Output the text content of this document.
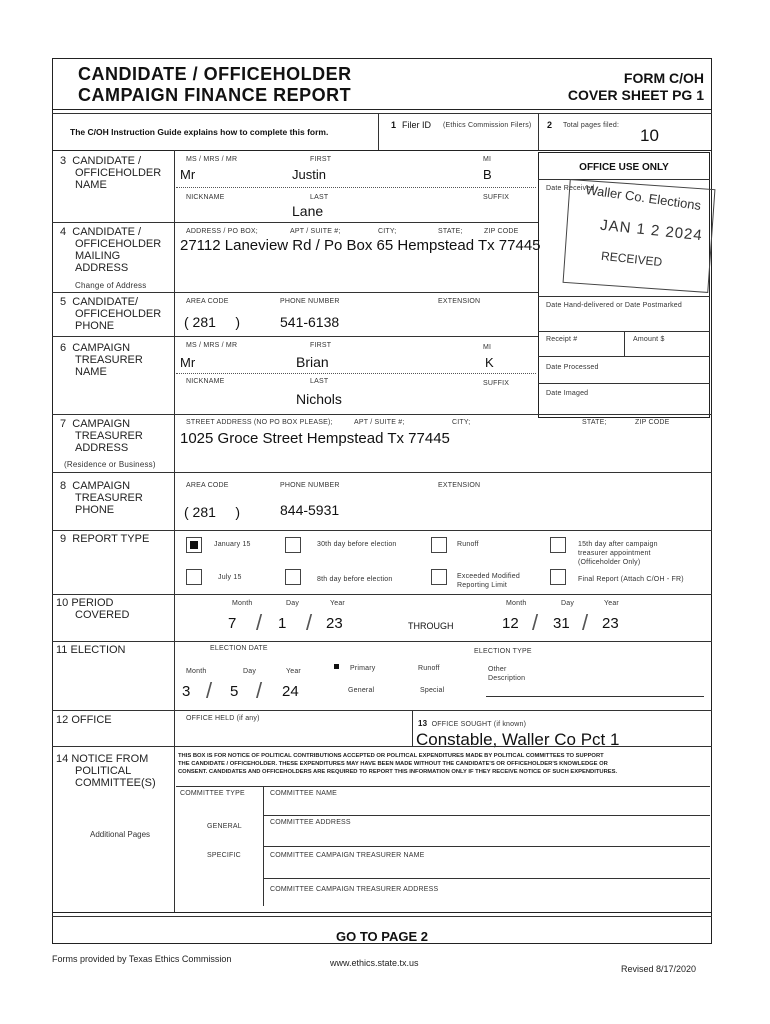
CANDIDATE / OFFICEHOLDER
CAMPAIGN FINANCE REPORT
FORM C/OH
COVER SHEET PG 1
The C/OH Instruction Guide explains how to complete this form.
1 Filer ID (Ethics Commission Filers) 2 Total pages filed:
10
OFFICE USE ONLY
Date Received
Waller Co. Elections
JAN 1 2 2024
RECEIVED
Date Hand-delivered or Date Postmarked
Receipt #	Amount $
Date Processed
Date Imaged
3 CANDIDATE /
OFFICEHOLDER
NAME
MS / MRS / MR	FIRST	MI
Mr	Justin	B
NICKNAME	LAST	SUFFIX
Lane
4 CANDIDATE /
OFFICEHOLDER
MAILING
ADDRESS
Change of Address
ADDRESS / PO BOX;	APT / SUITE #;	CITY;	STATE;	ZIP CODE
27112 Laneview Rd / Po Box 65 Hempstead Tx 77445
5 CANDIDATE/
OFFICEHOLDER
PHONE
AREA CODE	PHONE NUMBER	EXTENSION
( 281     )	541-6138
6 CAMPAIGN
TREASURER
NAME
MS / MRS / MR	FIRST	MI
Mr	Brian	K
NICKNAME	LAST	SUFFIX
Nichols
7 CAMPAIGN
TREASURER
ADDRESS
(Residence or Business)
STREET ADDRESS (NO PO BOX PLEASE);	APT / SUITE #;	CITY;	STATE;	ZIP CODE
1025 Groce Street Hempstead Tx 77445
8 CAMPAIGN
TREASURER
PHONE
AREA CODE	PHONE NUMBER	EXTENSION
( 281     )	844-5931
9 REPORT TYPE	January 15	30th day before election	Runoff	15th day after campaign
treasurer appointment
(Officeholder Only)
July 15	8th day before election	Exceeded Modified
Reporting Limit
Final Report (Attach C/OH - FR)
10 PERIOD
COVERED
Month	Day	Year
7 / 1 / 23	THROUGH
Month	Day	Year
12 / 31 / 23
11 ELECTION	ELECTION DATE
Month	Day	Year
3 / 5 / 24
ELECTION TYPE
Primary	Runoff	Other
Description
General	Special
12 OFFICE	OFFICE HELD (if any)
13 OFFICE SOUGHT (if known)
Constable, Waller Co Pct 1
14 NOTICE FROM
POLITICAL
COMMITTEE(S)
Additional Pages
THIS BOX IS FOR NOTICE OF POLITICAL CONTRIBUTIONS ACCEPTED OR POLITICAL EXPENDITURES MADE BY POLITICAL COMMITTEES TO SUPPORT
THE CANDIDATE / OFFICEHOLDER. THESE EXPENDITURES MAY HAVE BEEN MADE WITHOUT THE CANDIDATE'S OR OFFICEHOLDER'S KNOWLEDGE OR
CONSENT. CANDIDATES AND OFFICEHOLDERS ARE REQUIRED TO REPORT THIS INFORMATION ONLY IF THEY RECEIVE NOTICE OF SUCH EXPENDITURES.
COMMITTEE TYPE	COMMITTEE NAME
GENERAL
COMMITTEE ADDRESS
SPECIFIC	COMMITTEE CAMPAIGN TREASURER NAME
COMMITTEE CAMPAIGN TREASURER ADDRESS
GO TO PAGE 2
Forms provided by Texas Ethics Commission	www.ethics.state.tx.us
Revised 8/17/2020
